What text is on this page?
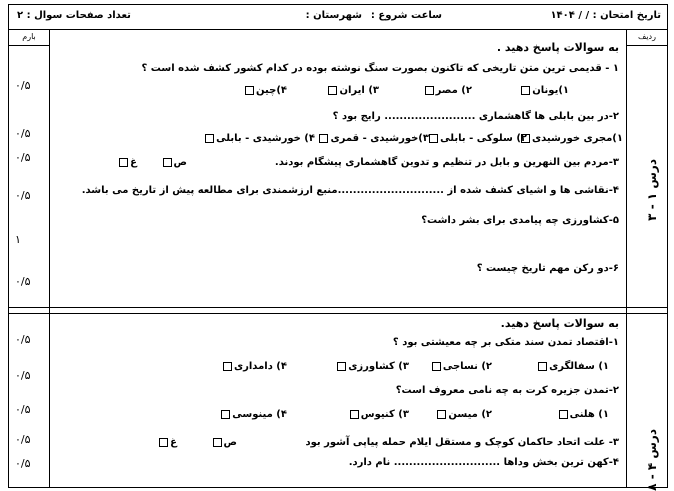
تاریخ امتحان : / / ۱۴۰۴
ساعت شروع :
شهرستان :
تعداد صفحات سوال : ۲
ردیف
درس ۱ - ۳
درس ۴ - ۸
بارم
۰/۵
۰/۵
۰/۵
۰/۵
۱
۰/۵
۰/۵
۰/۵
۰/۵
۰/۵
۰/۵
به سوالات پاسخ دهید .
۱ - قدیمی ترین متن تاریخی که تاکنون بصورت سنگ نوشته بوده در کدام کشور کشف شده است ؟
۱)یونان
۲) مصر
۳) ایران
۴)چین
۲-در بین بابلی ها گاهشماری ........................ رایج بود ؟
۱)مجری خورشیدی
۲) سلوکی - بابلی
۳)خورشیدی - قمری
۴) خورشیدی - بابلی
۳-مردم بین النهرین و بابل در تنظیم و تدوین گاهشماری پیشگام بودند.
ص
غ
۴-نقاشی ها و اشیای کشف شده از ............................منبع ارزشمندی برای مطالعه پیش از تاریخ می باشد.
۵-کشاورزی چه پیامدی برای بشر داشت؟
۶-دو رکن مهم تاریخ چیست ؟
به سوالات پاسخ دهید.
۱-اقتصاد تمدن سند متکی بر چه معیشتی بود ؟
۱) سفالگری
۲) نساجی
۳) کشاورزی
۴) دامداری
۲-تمدن جزیره کرت به چه نامی معروف است؟
۱) هلنی
۲) میسن
۳) کنیوس
۴) مینوسی
۳- علت اتحاد حاکمان کوچک و مستقل ایلام حمله پیاپی آشور بود
ص
غ
۴-کهن ترین بخش وداها ............................ نام دارد.
